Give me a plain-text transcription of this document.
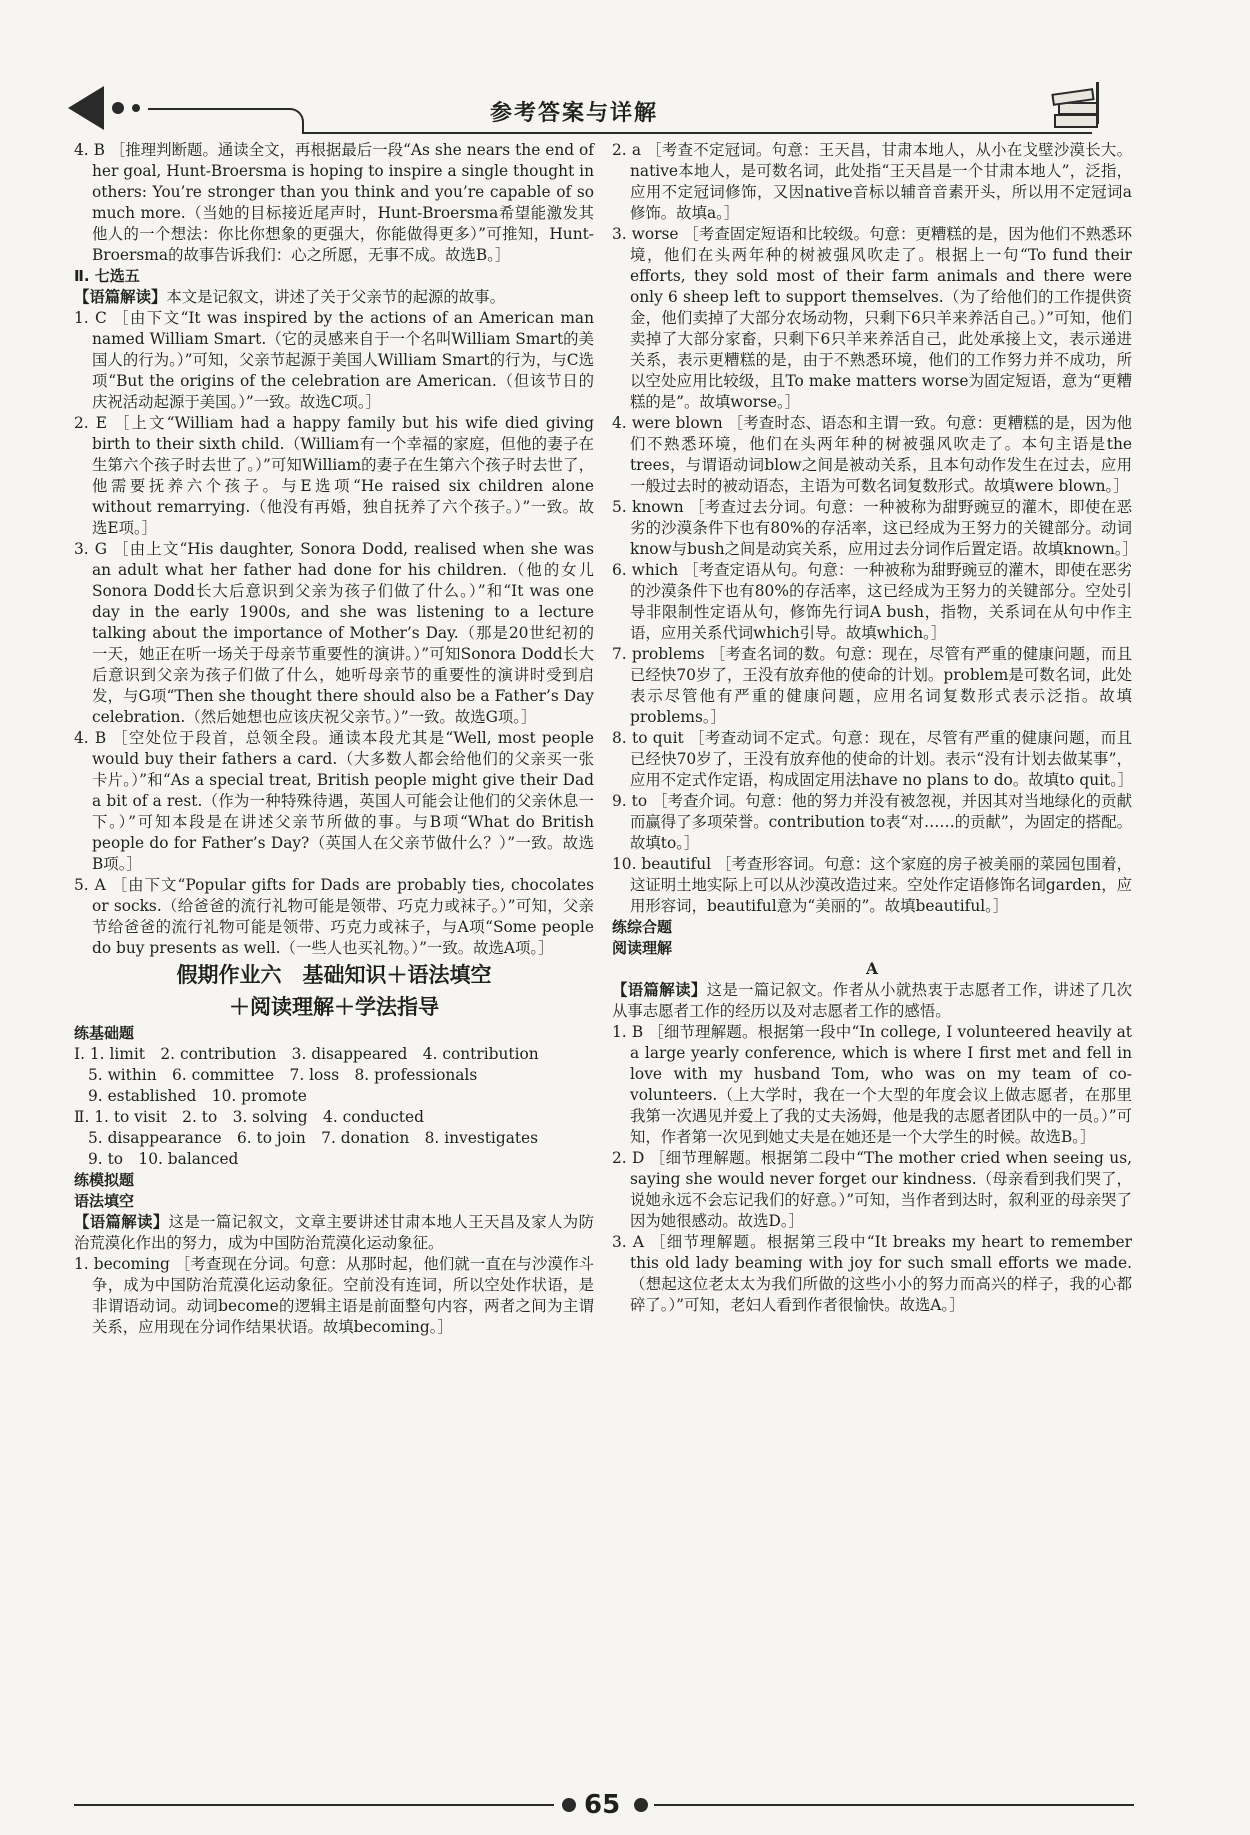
参考答案与详解

4. B ［推理判断题。通读全文，再根据最后一段“As she nears the end of her goal, Hunt-Broersma is hoping to inspire a single thought in others: You’re stronger than you think and you’re capable of so much more.（当她的目标接近尾声时，Hunt-Broersma希望能激发其他人的一个想法：你比你想象的更强大，你能做得更多）”可推知，Hunt-Broersma的故事告诉我们：心之所愿，无事不成。故选B。］

Ⅱ. 七选五

【语篇解读】本文是记叙文，讲述了关于父亲节的起源的故事。

1. C ［由下文“It was inspired by the actions of an American man named William Smart.（它的灵感来自于一个名叫William Smart的美国人的行为。）”可知，父亲节起源于美国人William Smart的行为，与C选项“But the origins of the celebration are American.（但该节日的庆祝活动起源于美国。）”一致。故选C项。］

2. E ［上文“William had a happy family but his wife died giving birth to their sixth child.（William有一个幸福的家庭，但他的妻子在生第六个孩子时去世了。）”可知William的妻子在生第六个孩子时去世了，他需要抚养六个孩子。与E选项“He raised six children alone without remarrying.（他没有再婚，独自抚养了六个孩子。）”一致。故选E项。］

3. G ［由上文“His daughter, Sonora Dodd, realised when she was an adult what her father had done for his children.（他的女儿Sonora Dodd长大后意识到父亲为孩子们做了什么。）”和“It was one day in the early 1900s, and she was listening to a lecture talking about the importance of Mother’s Day.（那是20世纪初的一天，她正在听一场关于母亲节重要性的演讲。）”可知Sonora Dodd长大后意识到父亲为孩子们做了什么，她听母亲节的重要性的演讲时受到启发，与G项“Then she thought there should also be a Father’s Day celebration.（然后她想也应该庆祝父亲节。）”一致。故选G项。］

4. B ［空处位于段首，总领全段。通读本段尤其是“Well, most people would buy their fathers a card.（大多数人都会给他们的父亲买一张卡片。）”和“As a special treat, British people might give their Dad a bit of a rest.（作为一种特殊待遇，英国人可能会让他们的父亲休息一下。）”可知本段是在讲述父亲节所做的事。与B项“What do British people do for Father’s Day?（英国人在父亲节做什么？）”一致。故选B项。］

5. A ［由下文“Popular gifts for Dads are probably ties, chocolates or socks.（给爸爸的流行礼物可能是领带、巧克力或袜子。）”可知，父亲节给爸爸的流行礼物可能是领带、巧克力或袜子，与A项“Some people do buy presents as well.（一些人也买礼物。）”一致。故选A项。］

假期作业六　基础知识＋语法填空
＋阅读理解＋学法指导

练基础题

Ⅰ. 1. limit　2. contribution　3. disappeared　4. contribution

5. within　6. committee　7. loss　8. professionals

9. established　10. promote

Ⅱ. 1. to visit　2. to　3. solving　4. conducted

5. disappearance　6. to join　7. donation　8. investigates

9. to　10. balanced

练模拟题

语法填空

【语篇解读】这是一篇记叙文，文章主要讲述甘肃本地人王天昌及家人为防治荒漠化作出的努力，成为中国防治荒漠化运动象征。

1. becoming ［考查现在分词。句意：从那时起，他们就一直在与沙漠作斗争，成为中国防治荒漠化运动象征。空前没有连词，所以空处作状语，是非谓语动词。动词become的逻辑主语是前面整句内容，两者之间为主谓关系，应用现在分词作结果状语。故填becoming。］

2. a ［考查不定冠词。句意：王天昌，甘肃本地人，从小在戈壁沙漠长大。native本地人，是可数名词，此处指“王天昌是一个甘肃本地人”，泛指，应用不定冠词修饰，又因native音标以辅音音素开头，所以用不定冠词a修饰。故填a。］

3. worse ［考查固定短语和比较级。句意：更糟糕的是，因为他们不熟悉环境，他们在头两年种的树被强风吹走了。根据上一句“To fund their efforts, they sold most of their farm animals and there were only 6 sheep left to support themselves.（为了给他们的工作提供资金，他们卖掉了大部分农场动物，只剩下6只羊来养活自己。）”可知，他们卖掉了大部分家畜，只剩下6只羊来养活自己，此处承接上文，表示递进关系，表示更糟糕的是，由于不熟悉环境，他们的工作努力并不成功，所以空处应用比较级，且To make matters worse为固定短语，意为“更糟糕的是”。故填worse。］

4. were blown ［考查时态、语态和主谓一致。句意：更糟糕的是，因为他们不熟悉环境，他们在头两年种的树被强风吹走了。本句主语是the trees，与谓语动词blow之间是被动关系，且本句动作发生在过去，应用一般过去时的被动语态，主语为可数名词复数形式。故填were blown。］

5. known ［考查过去分词。句意：一种被称为甜野豌豆的灌木，即使在恶劣的沙漠条件下也有80%的存活率，这已经成为王努力的关键部分。动词know与bush之间是动宾关系，应用过去分词作后置定语。故填known。］

6. which ［考查定语从句。句意：一种被称为甜野豌豆的灌木，即使在恶劣的沙漠条件下也有80%的存活率，这已经成为王努力的关键部分。空处引导非限制性定语从句，修饰先行词A bush，指物，关系词在从句中作主语，应用关系代词which引导。故填which。］

7. problems ［考查名词的数。句意：现在，尽管有严重的健康问题，而且已经快70岁了，王没有放弃他的使命的计划。problem是可数名词，此处表示尽管他有严重的健康问题，应用名词复数形式表示泛指。故填problems。］

8. to quit ［考查动词不定式。句意：现在，尽管有严重的健康问题，而且已经快70岁了，王没有放弃他的使命的计划。表示“没有计划去做某事”，应用不定式作定语，构成固定用法have no plans to do。故填to quit。］

9. to ［考查介词。句意：他的努力并没有被忽视，并因其对当地绿化的贡献而赢得了多项荣誉。contribution to表“对……的贡献”，为固定的搭配。故填to。］

10. beautiful ［考查形容词。句意：这个家庭的房子被美丽的菜园包围着，这证明土地实际上可以从沙漠改造过来。空处作定语修饰名词garden，应用形容词，beautiful意为“美丽的”。故填beautiful。］

练综合题

阅读理解

A

【语篇解读】这是一篇记叙文。作者从小就热衷于志愿者工作，讲述了几次从事志愿者工作的经历以及对志愿者工作的感悟。

1. B ［细节理解题。根据第一段中“In college, I volunteered heavily at a large yearly conference, which is where I first met and fell in love with my husband Tom, who was on my team of co-volunteers.（上大学时，我在一个大型的年度会议上做志愿者，在那里我第一次遇见并爱上了我的丈夫汤姆，他是我的志愿者团队中的一员。）”可知，作者第一次见到她丈夫是在她还是一个大学生的时候。故选B。］

2. D ［细节理解题。根据第二段中“The mother cried when seeing us, saying she would never forget our kindness.（母亲看到我们哭了，说她永远不会忘记我们的好意。）”可知，当作者到达时，叙利亚的母亲哭了因为她很感动。故选D。］

3. A ［细节理解题。根据第三段中“It breaks my heart to remember this old lady beaming with joy for such small efforts we made.（想起这位老太太为我们所做的这些小小的努力而高兴的样子，我的心都碎了。）”可知，老妇人看到作者很愉快。故选A。］

65
